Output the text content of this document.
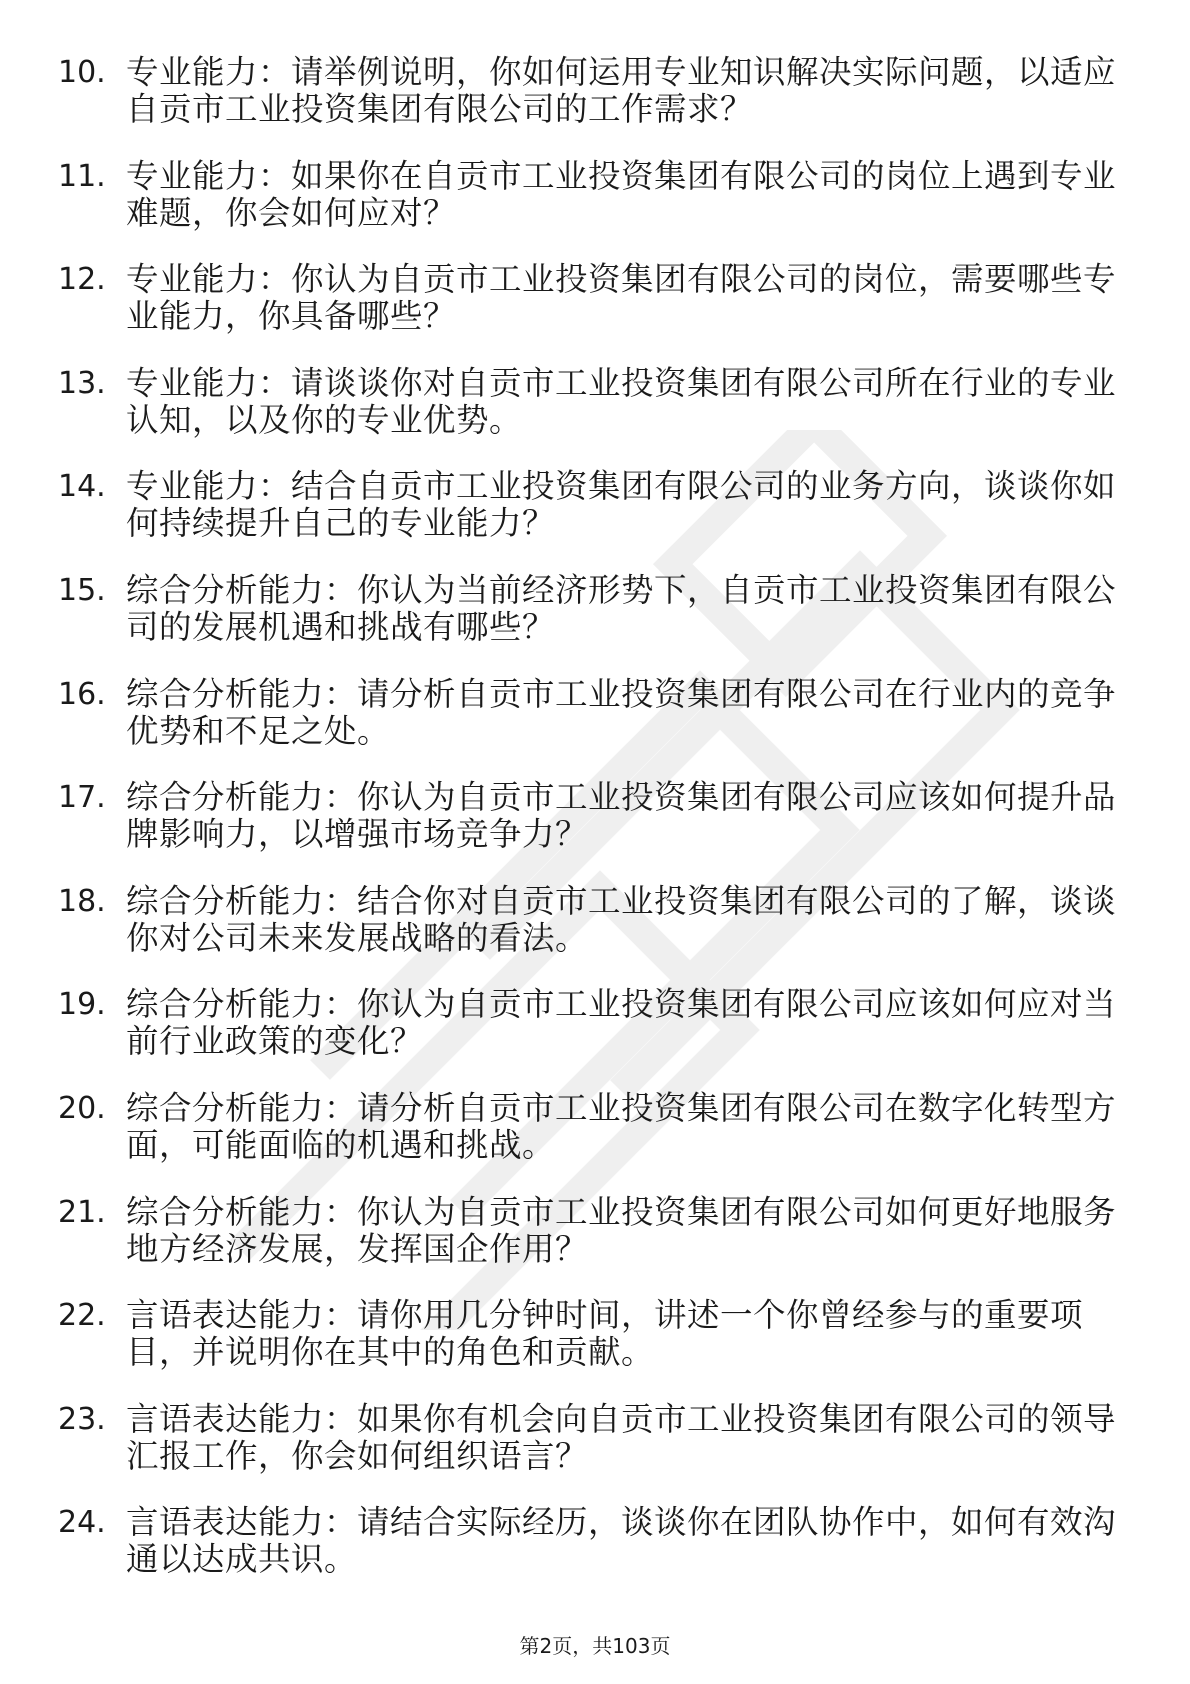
10. 专业能力：请举例说明，你如何运用专业知识解决实际问题，以适应自贡市工业投资集团有限公司的工作需求？
11. 专业能力：如果你在自贡市工业投资集团有限公司的岗位上遇到专业难题，你会如何应对？
12. 专业能力：你认为自贡市工业投资集团有限公司的岗位，需要哪些专业能力，你具备哪些？
13. 专业能力：请谈谈你对自贡市工业投资集团有限公司所在行业的专业认知，以及你的专业优势。
14. 专业能力：结合自贡市工业投资集团有限公司的业务方向，谈谈你如何持续提升自己的专业能力？
15. 综合分析能力：你认为当前经济形势下，自贡市工业投资集团有限公司的发展机遇和挑战有哪些？
16. 综合分析能力：请分析自贡市工业投资集团有限公司在行业内的竞争优势和不足之处。
17. 综合分析能力：你认为自贡市工业投资集团有限公司应该如何提升品牌影响力，以增强市场竞争力？
18. 综合分析能力：结合你对自贡市工业投资集团有限公司的了解，谈谈你对公司未来发展战略的看法。
19. 综合分析能力：你认为自贡市工业投资集团有限公司应该如何应对当前行业政策的变化？
20. 综合分析能力：请分析自贡市工业投资集团有限公司在数字化转型方面，可能面临的机遇和挑战。
21. 综合分析能力：你认为自贡市工业投资集团有限公司如何更好地服务地方经济发展，发挥国企作用？
22. 言语表达能力：请你用几分钟时间，讲述一个你曾经参与的重要项目，并说明你在其中的角色和贡献。
23. 言语表达能力：如果你有机会向自贡市工业投资集团有限公司的领导汇报工作，你会如何组织语言？
24. 言语表达能力：请结合实际经历，谈谈你在团队协作中，如何有效沟通以达成共识。
第2页，共103页
